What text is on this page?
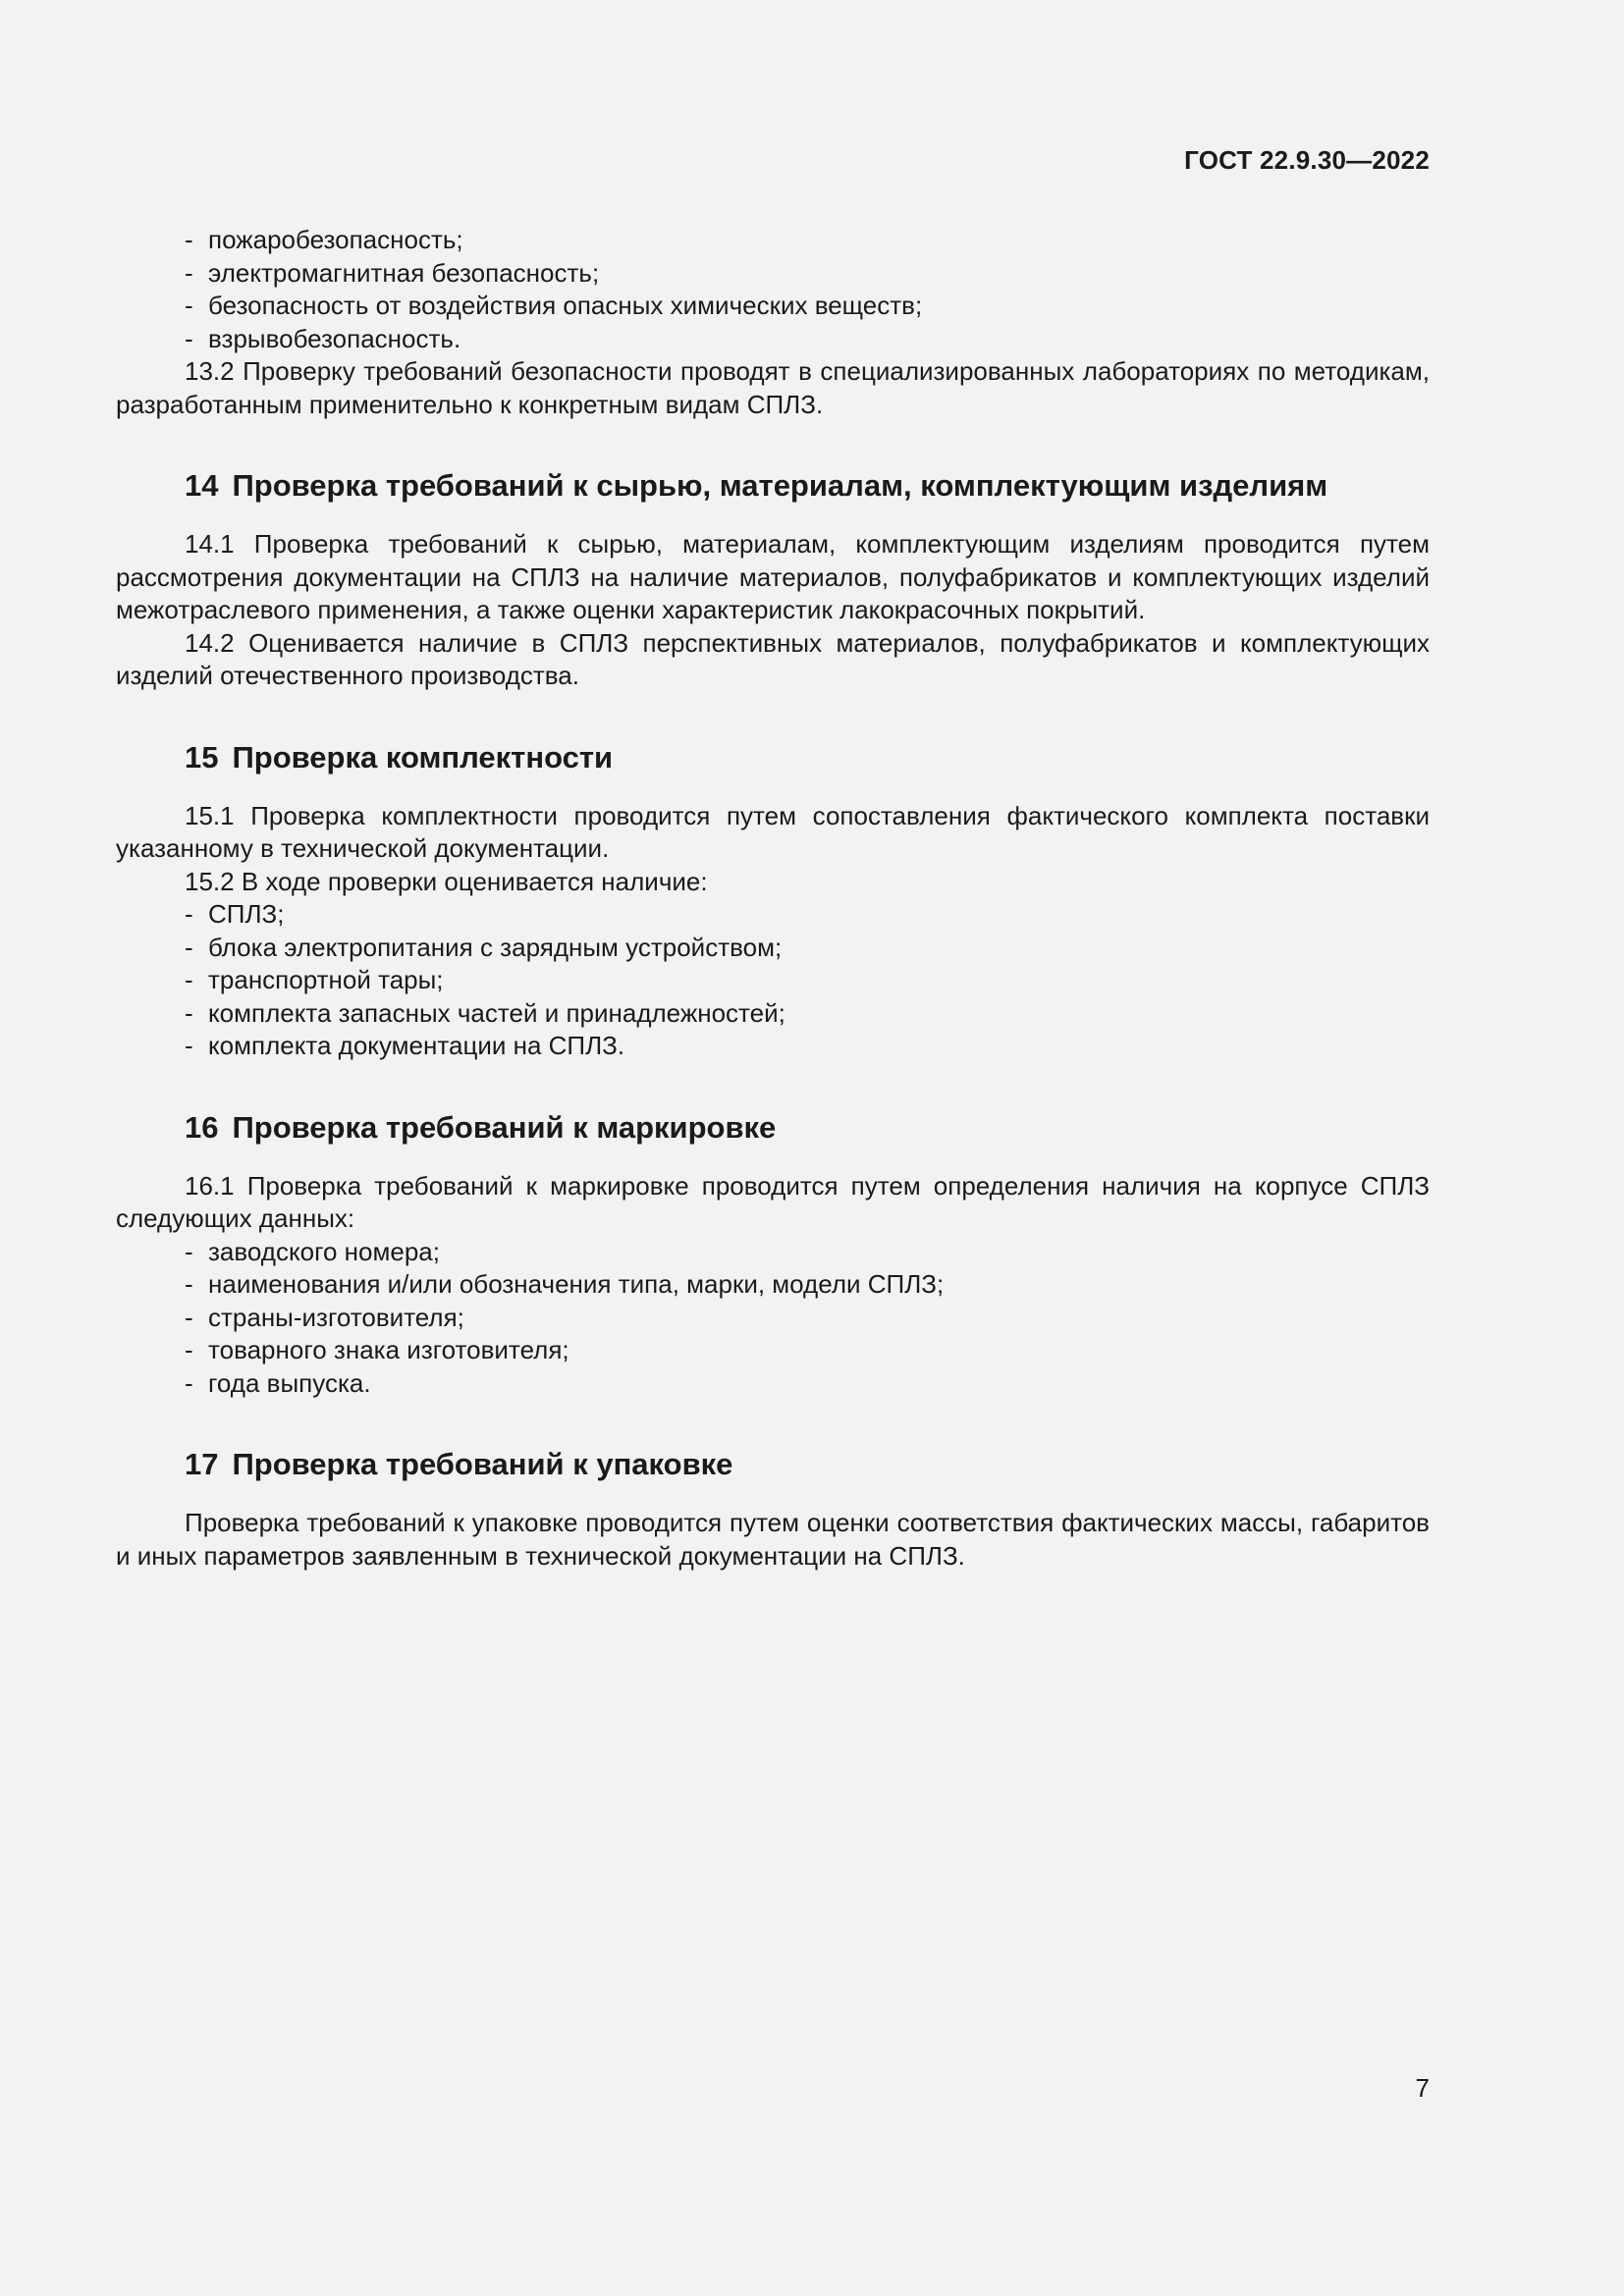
ГОСТ 22.9.30—2022

- пожаробезопасность;

- электромагнитная безопасность;

- безопасность от воздействия опасных химических веществ;

- взрывобезопасность.

13.2 Проверку требований безопасности проводят в специализированных лабораториях по методикам, разработанным применительно к конкретным видам СПЛЗ.

14 Проверка требований к сырью, материалам, комплектующим изделиям

14.1 Проверка требований к сырью, материалам, комплектующим изделиям проводится путем рассмотрения документации на СПЛЗ на наличие материалов, полуфабрикатов и комплектующих изделий межотраслевого применения, а также оценки характеристик лакокрасочных покрытий.

14.2 Оценивается наличие в СПЛЗ перспективных материалов, полуфабрикатов и комплектующих изделий отечественного производства.

15 Проверка комплектности

15.1 Проверка комплектности проводится путем сопоставления фактического комплекта поставки указанному в технической документации.

15.2 В ходе проверки оценивается наличие:

- СПЛЗ;

- блока электропитания с зарядным устройством;

- транспортной тары;

- комплекта запасных частей и принадлежностей;

- комплекта документации на СПЛЗ.

16 Проверка требований к маркировке

16.1 Проверка требований к маркировке проводится путем определения наличия на корпусе СПЛЗ следующих данных:

- заводского номера;

- наименования и/или обозначения типа, марки, модели СПЛЗ;

- страны-изготовителя;

- товарного знака изготовителя;

- года выпуска.

17 Проверка требований к упаковке

Проверка требований к упаковке проводится путем оценки соответствия фактических массы, габаритов и иных параметров заявленным в технической документации на СПЛЗ.

7
